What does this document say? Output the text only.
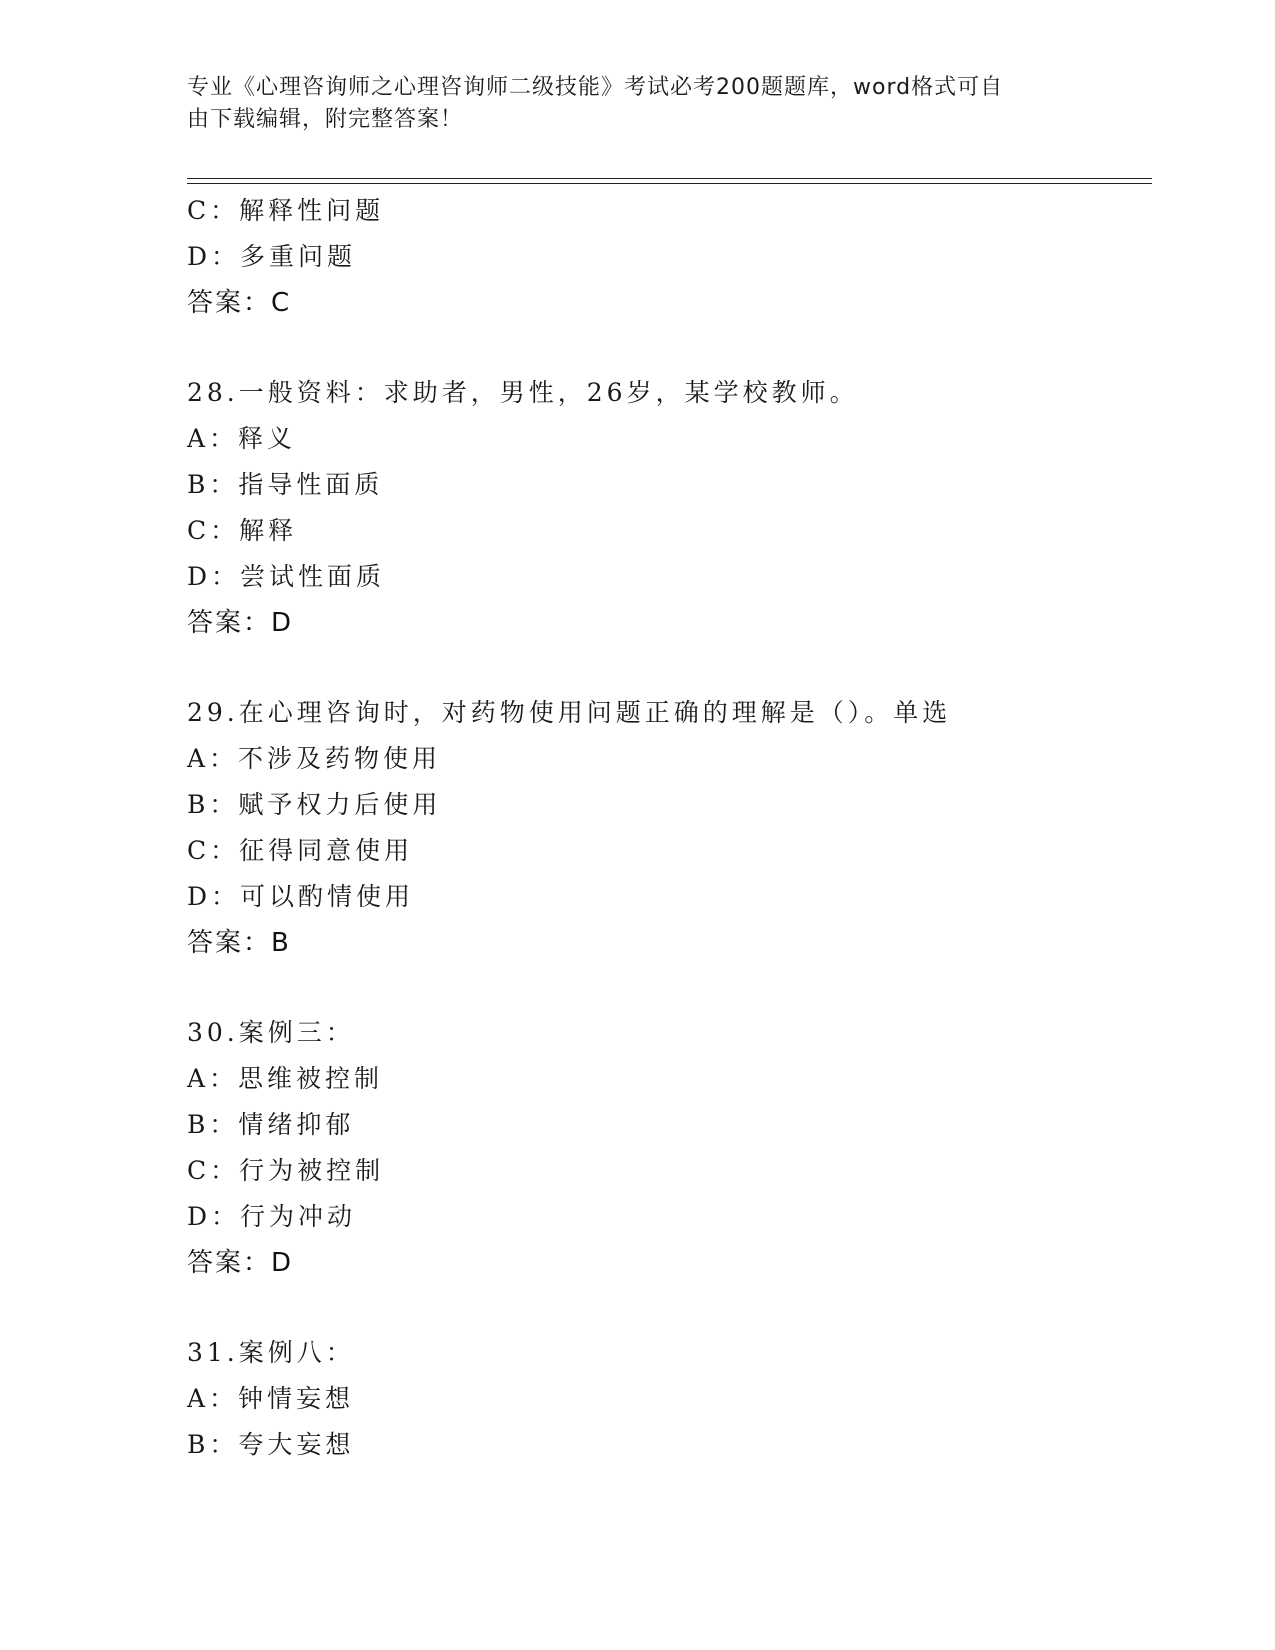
专业《心理咨询师之心理咨询师二级技能》考试必考200题题库，word格式可自
由下载编辑，附完整答案！
C：解释性问题
D：多重问题
答案：C
28.一般资料：求助者，男性，26岁，某学校教师。
A：释义
B：指导性面质
C：解释
D：尝试性面质
答案：D
29.在心理咨询时，对药物使用问题正确的理解是（）。单选
A：不涉及药物使用
B：赋予权力后使用
C：征得同意使用
D：可以酌情使用
答案：B
30.案例三：
A：思维被控制
B：情绪抑郁
C：行为被控制
D：行为冲动
答案：D
31.案例八：
A：钟情妄想
B：夸大妄想
